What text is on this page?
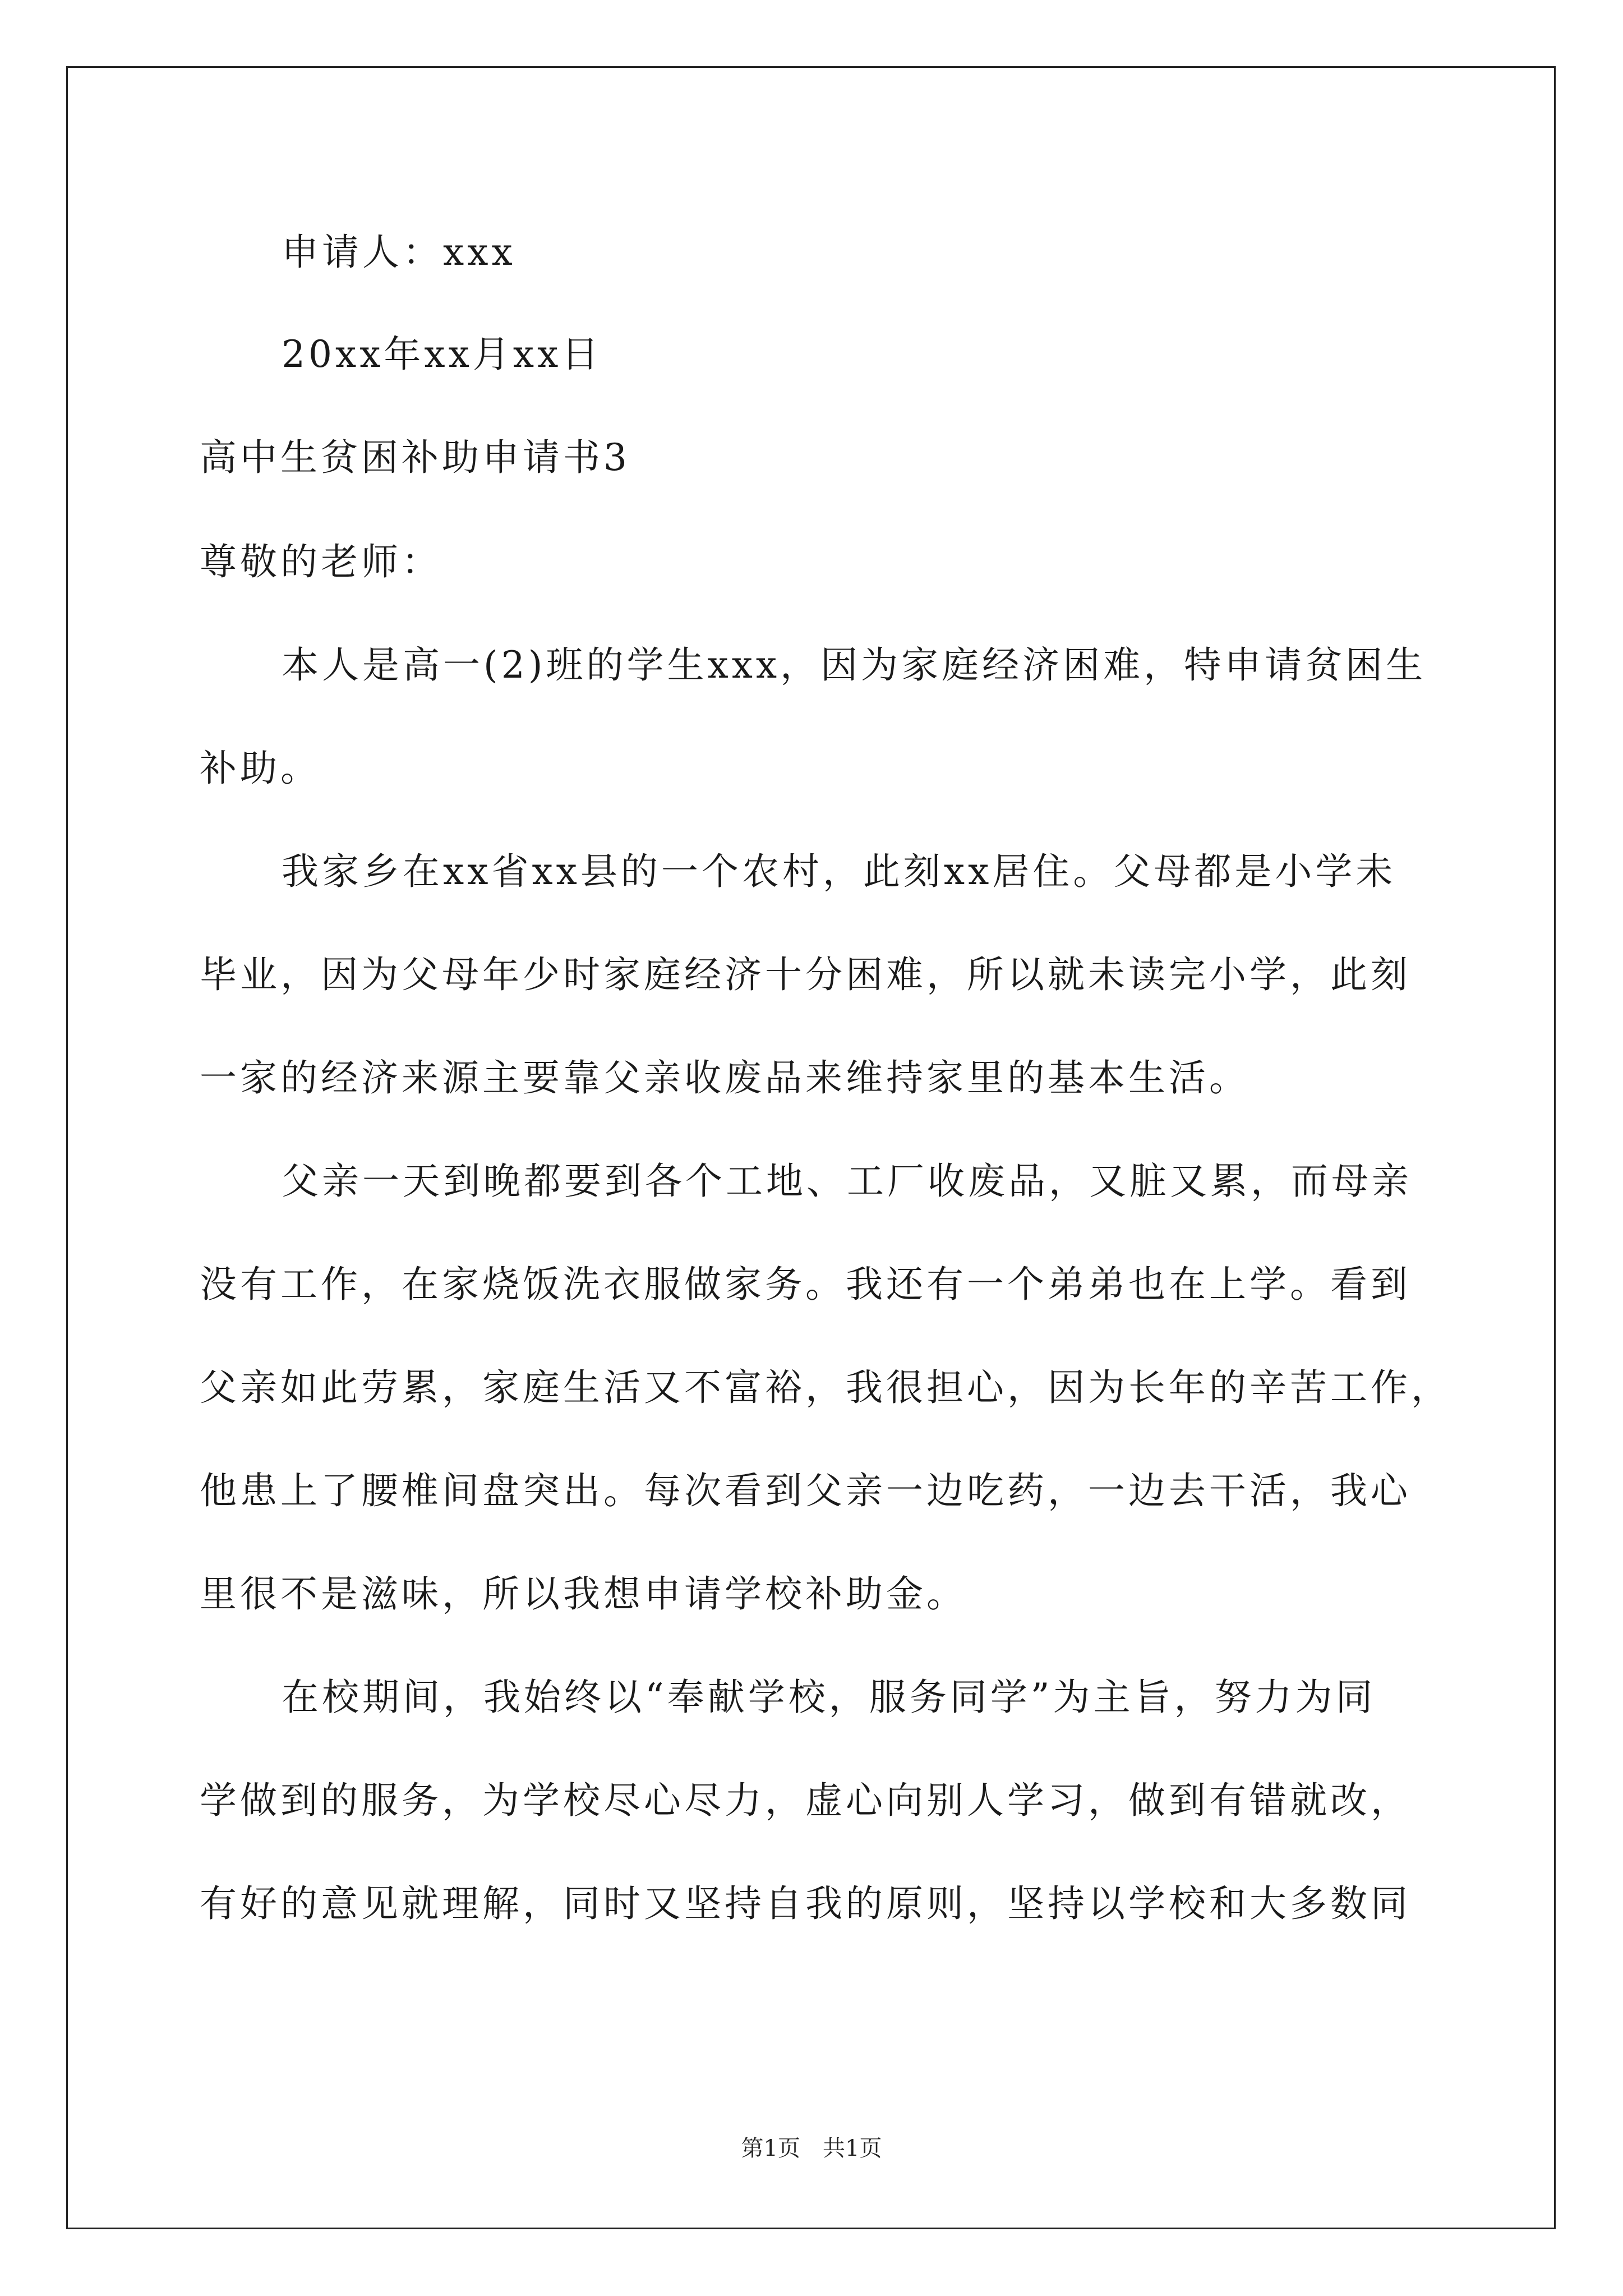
申请人：xxx
20xx年xx月xx日
高中生贫困补助申请书3
尊敬的老师：
本人是高一(2)班的学生xxx，因为家庭经济困难，特申请贫困生
补助。
我家乡在xx省xx县的一个农村，此刻xx居住。父母都是小学未
毕业，因为父母年少时家庭经济十分困难，所以就未读完小学，此刻
一家的经济来源主要靠父亲收废品来维持家里的基本生活。
父亲一天到晚都要到各个工地、工厂收废品，又脏又累，而母亲
没有工作，在家烧饭洗衣服做家务。我还有一个弟弟也在上学。看到
父亲如此劳累，家庭生活又不富裕，我很担心，因为长年的辛苦工作，
他患上了腰椎间盘突出。每次看到父亲一边吃药，一边去干活，我心
里很不是滋味，所以我想申请学校补助金。
在校期间，我始终以“奉献学校，服务同学”为主旨，努力为同
学做到的服务，为学校尽心尽力，虚心向别人学习，做到有错就改，
有好的意见就理解，同时又坚持自我的原则，坚持以学校和大多数同
第1页　共1页
